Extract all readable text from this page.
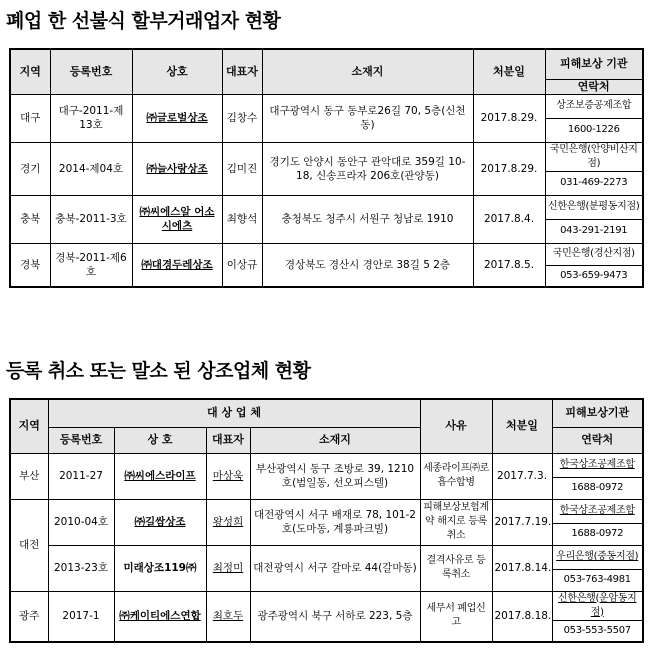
폐업 한 선불식 할부거래업자 현황
지역	등록번호	상호	대표자	소재지	처분일	피해보상 기관
						연락처
대구	대구-2011-제13호	㈜글로벌상조	김창수	대구광역시 동구 동부로26길 70, 5층(신천동)	2017.8.29.	상조보증공제조합
						1600-1226
경기	2014-제04호	㈜늘사랑상조	김미진	경기도 안양시 동안구 관악대로 359길 10-18, 신송프라자 206호(관양동)	2017.8.29.	국민은행(안양비산지점)
						031-469-2273
충북	충북-2011-3호	㈜씨에스알 어소시에츠	최향석	충청북도 청주시 서원구 청남로 1910	2017.8.4.	신한은행(분평동지점)
						043-291-2191
경북	경북-2011-제6호	㈜대경두레상조	이상규	경상북도 경산시 경안로 38길 5 2층	2017.8.5.	국민은행(경산지점)
						053-659-9473
등록 취소 또는 말소 된 상조업체 현황
지역	대 상 업 체				사유	처분일	피해보상기관
	등록번호	상 호	대표자	소재지			연락처
부산	2011-27	㈜씨에스라이프	마상욱	부산광역시 동구 조방로 39, 1210호(범일동, 선오피스텔)	세종라이프㈜로 흡수합병	2017.7.3.	한국상조공제조합
							1688-0972
대전	2010-04호	㈜길쌈상조	왕성희	대전광역시 서구 배재로 78, 101-2호(도마동, 계룡파크빌)	피해보상보험계약 해지로 등록취소	2017.7.19.	한국상조공제조합
							1688-0972
	2013-23호	미래상조119㈜	최정미	대전광역시 서구 갈마로 44(갈마동)	결격사유로 등록취소	2017.8.14.	우리은행(중동지점)
							053-763-4981
광주	2017-1	㈜케이티에스연합	최호두	광주광역시 북구 서하로 223, 5층	세무서 폐업신고	2017.8.18.	신한은행(운암동지점)
							053-553-5507
